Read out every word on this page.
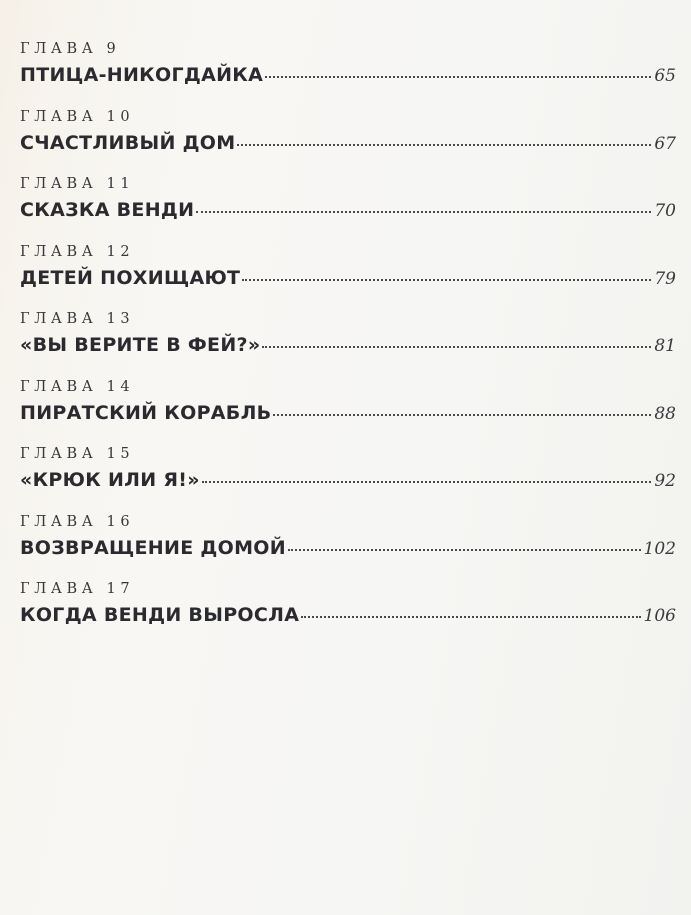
ГЛАВА 9
ПТИЦА-НИКОГДАЙКА	65
ГЛАВА 10
СЧАСТЛИВЫЙ ДОМ	67
ГЛАВА 11
СКАЗКА ВЕНДИ	70
ГЛАВА 12
ДЕТЕЙ ПОХИЩАЮТ	79
ГЛАВА 13
«ВЫ ВЕРИТЕ В ФЕЙ?»	81
ГЛАВА 14
ПИРАТСКИЙ КОРАБЛЬ	88
ГЛАВА 15
«КРЮК ИЛИ Я!»	92
ГЛАВА 16
ВОЗВРАЩЕНИЕ ДОМОЙ	102
ГЛАВА 17
КОГДА ВЕНДИ ВЫРОСЛА	106
